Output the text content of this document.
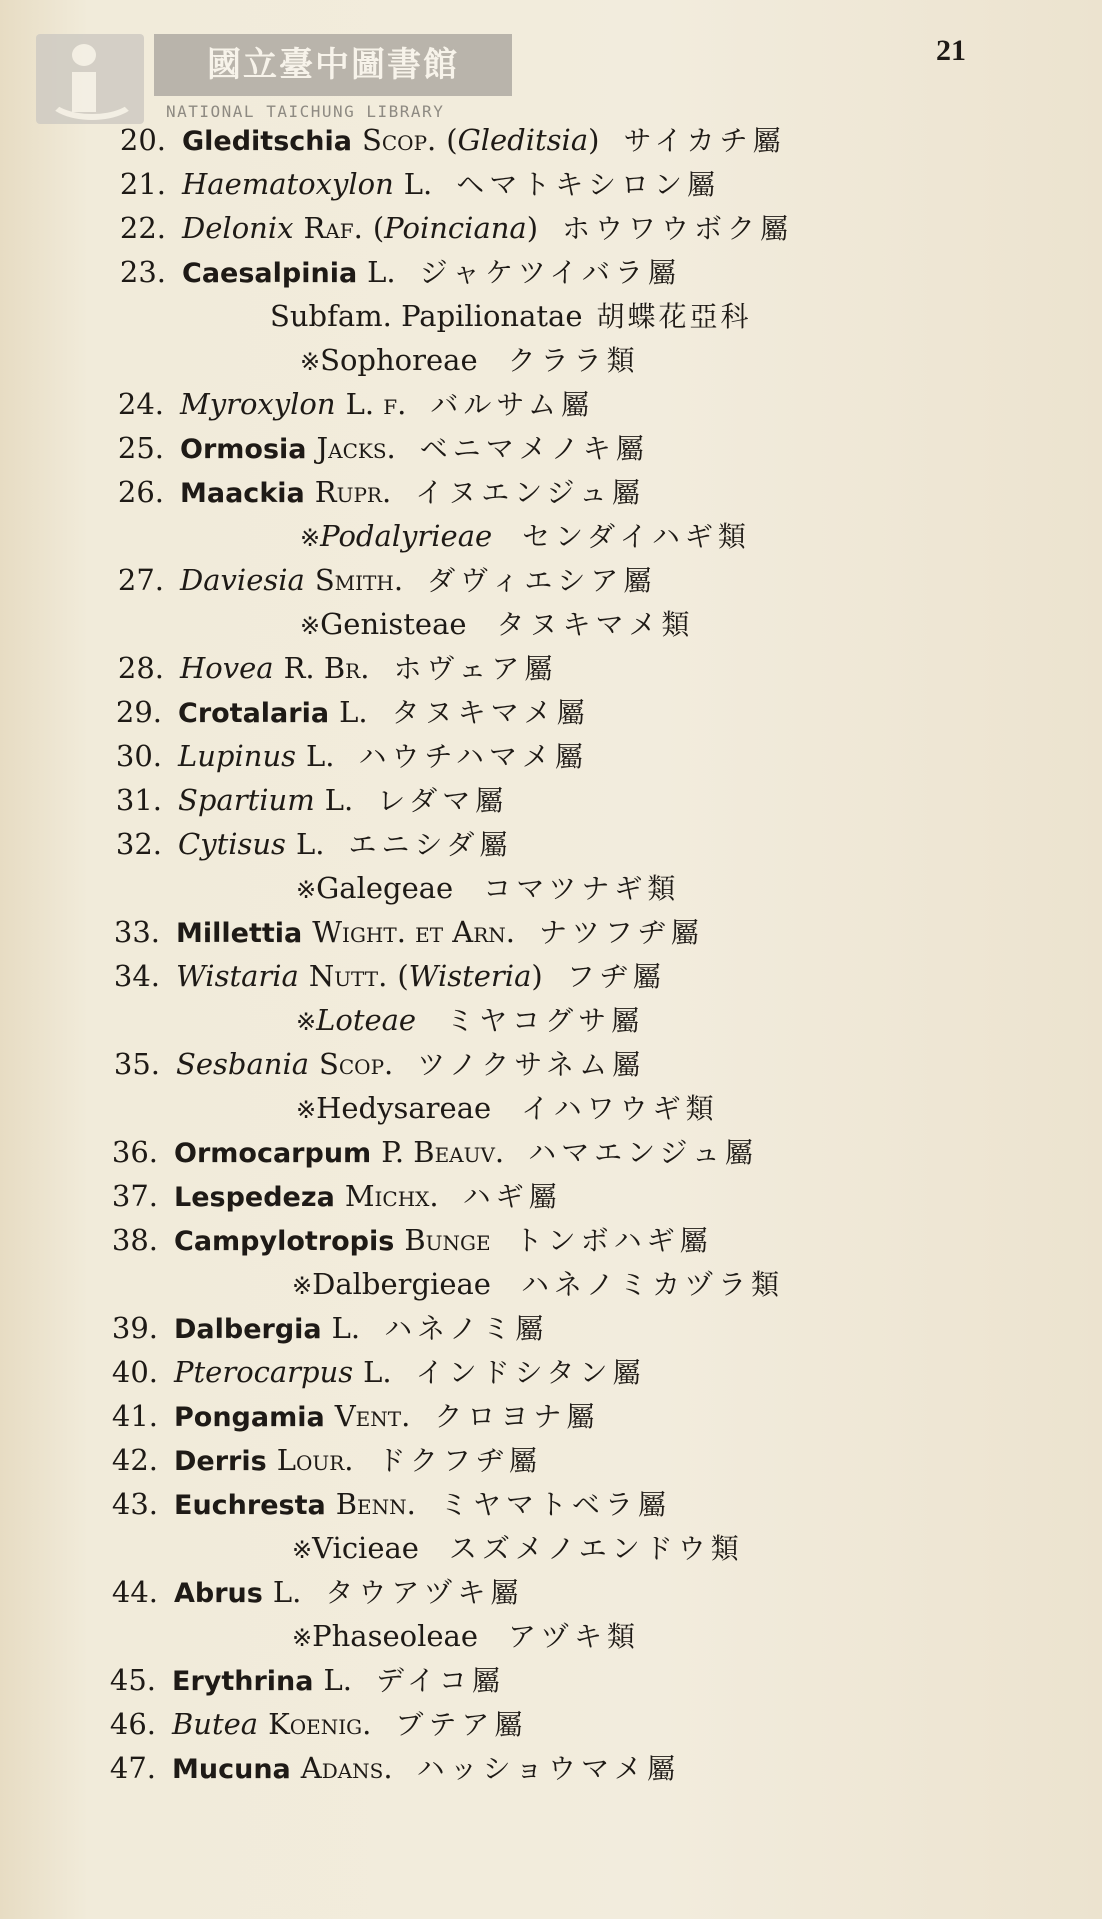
國立臺中圖書館
NATIONAL TAICHUNG LIBRARY
21
20. Gleditschia Scop. (Gleditsia) サイカチ屬
21. Haematoxylon L. ヘマトキシロン屬
22. Delonix Raf. (Poinciana) ホウワウボク屬
23. Caesalpinia L. ジャケツイバラ屬
Subfam. Papilionatae 胡蝶花亞科
※ Sophoreae クララ類
24. Myroxylon L. f. バルサム屬
25. Ormosia Jacks. ベニマメノキ屬
26. Maackia Rupr. イヌエンジュ屬
※ Podalyrieae センダイハギ類
27. Daviesia Smith. ダヴィエシア屬
※ Genisteae タヌキマメ類
28. Hovea R. Br. ホヴェア屬
29. Crotalaria L. タヌキマメ屬
30. Lupinus L. ハウチハマメ屬
31. Spartium L. レダマ屬
32. Cytisus L. エニシダ屬
※ Galegeae コマツナギ類
33. Millettia Wight. et Arn. ナツフヂ屬
34. Wistaria Nutt. (Wisteria) フヂ屬
※ Loteae ミヤコグサ屬
35. Sesbania Scop. ツノクサネム屬
※ Hedysareae イハワウギ類
36. Ormocarpum P. Beauv. ハマエンジュ屬
37. Lespedeza Michx. ハギ屬
38. Campylotropis Bunge トンボハギ屬
※ Dalbergieae ハネノミカヅラ類
39. Dalbergia L. ハネノミ屬
40. Pterocarpus L. インドシタン屬
41. Pongamia Vent. クロヨナ屬
42. Derris Lour. ドクフヂ屬
43. Euchresta Benn. ミヤマトベラ屬
※ Vicieae スズメノエンドウ類
44. Abrus L. タウアヅキ屬
※ Phaseoleae アヅキ類
45. Erythrina L. デイコ屬
46. Butea Koenig. ブテア屬
47. Mucuna Adans. ハッショウマメ屬
